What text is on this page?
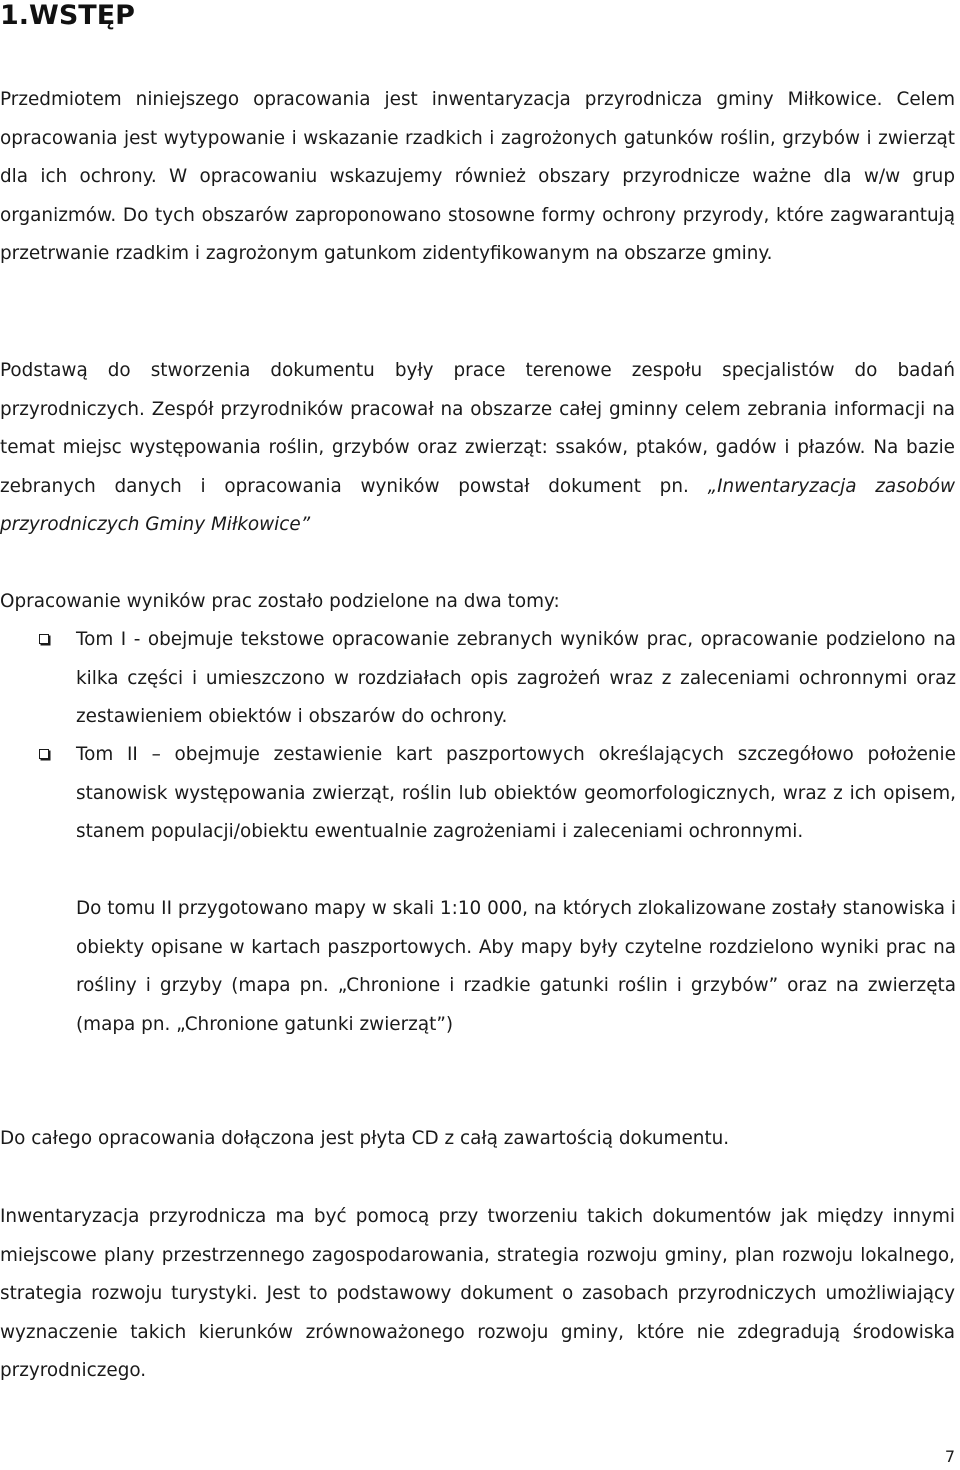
1.WSTĘP

Przedmiotem niniejszego opracowania jest inwentaryzacja przyrodnicza gminy Miłkowice. Celem opracowania jest wytypowanie i wskazanie rzadkich i zagrożonych gatunków roślin, grzybów i zwierząt dla ich ochrony. W opracowaniu wskazujemy również obszary przyrodnicze ważne dla w/w grup organizmów. Do tych obszarów zaproponowano stosowne formy ochrony przyrody, które zagwarantują przetrwanie rzadkim i zagrożonym gatunkom zidentyfikowanym na obszarze gminy.

Podstawą do stworzenia dokumentu były prace terenowe zespołu specjalistów do badań przyrodniczych. Zespół przyrodników pracował na obszarze całej gminny celem zebrania informacji na temat miejsc występowania roślin, grzybów oraz zwierząt: ssaków, ptaków, gadów i płazów. Na bazie zebranych danych i opracowania wyników powstał dokument pn. „Inwentaryzacja zasobów przyrodniczych Gminy Miłkowice”

Opracowanie wyników prac zostało podzielone na dwa tomy:

Tom I - obejmuje tekstowe opracowanie zebranych wyników prac, opracowanie podzielono na kilka części i umieszczono w rozdziałach opis zagrożeń wraz z zaleceniami ochronnymi oraz zestawieniem obiektów i obszarów do ochrony.

Tom II – obejmuje zestawienie kart paszportowych określających szczegółowo położenie stanowisk występowania zwierząt, roślin lub obiektów geomorfologicznych, wraz z ich opisem, stanem populacji/obiektu ewentualnie zagrożeniami i zaleceniami ochronnymi.

Do tomu II przygotowano mapy w skali 1:10 000, na których zlokalizowane zostały stanowiska i obiekty opisane w kartach paszportowych. Aby mapy były czytelne rozdzielono wyniki prac na rośliny i grzyby (mapa pn. „Chronione i rzadkie gatunki roślin i grzybów” oraz na zwierzęta (mapa pn. „Chronione gatunki zwierząt”)

Do całego opracowania dołączona jest płyta CD z całą zawartością dokumentu.

Inwentaryzacja przyrodnicza ma być pomocą przy tworzeniu takich dokumentów jak między innymi miejscowe plany przestrzennego zagospodarowania, strategia rozwoju gminy, plan rozwoju lokalnego, strategia rozwoju turystyki. Jest to podstawowy dokument o zasobach przyrodniczych umożliwiający wyznaczenie takich kierunków zrównoważonego rozwoju gminy, które nie zdegradują środowiska przyrodniczego.

7
